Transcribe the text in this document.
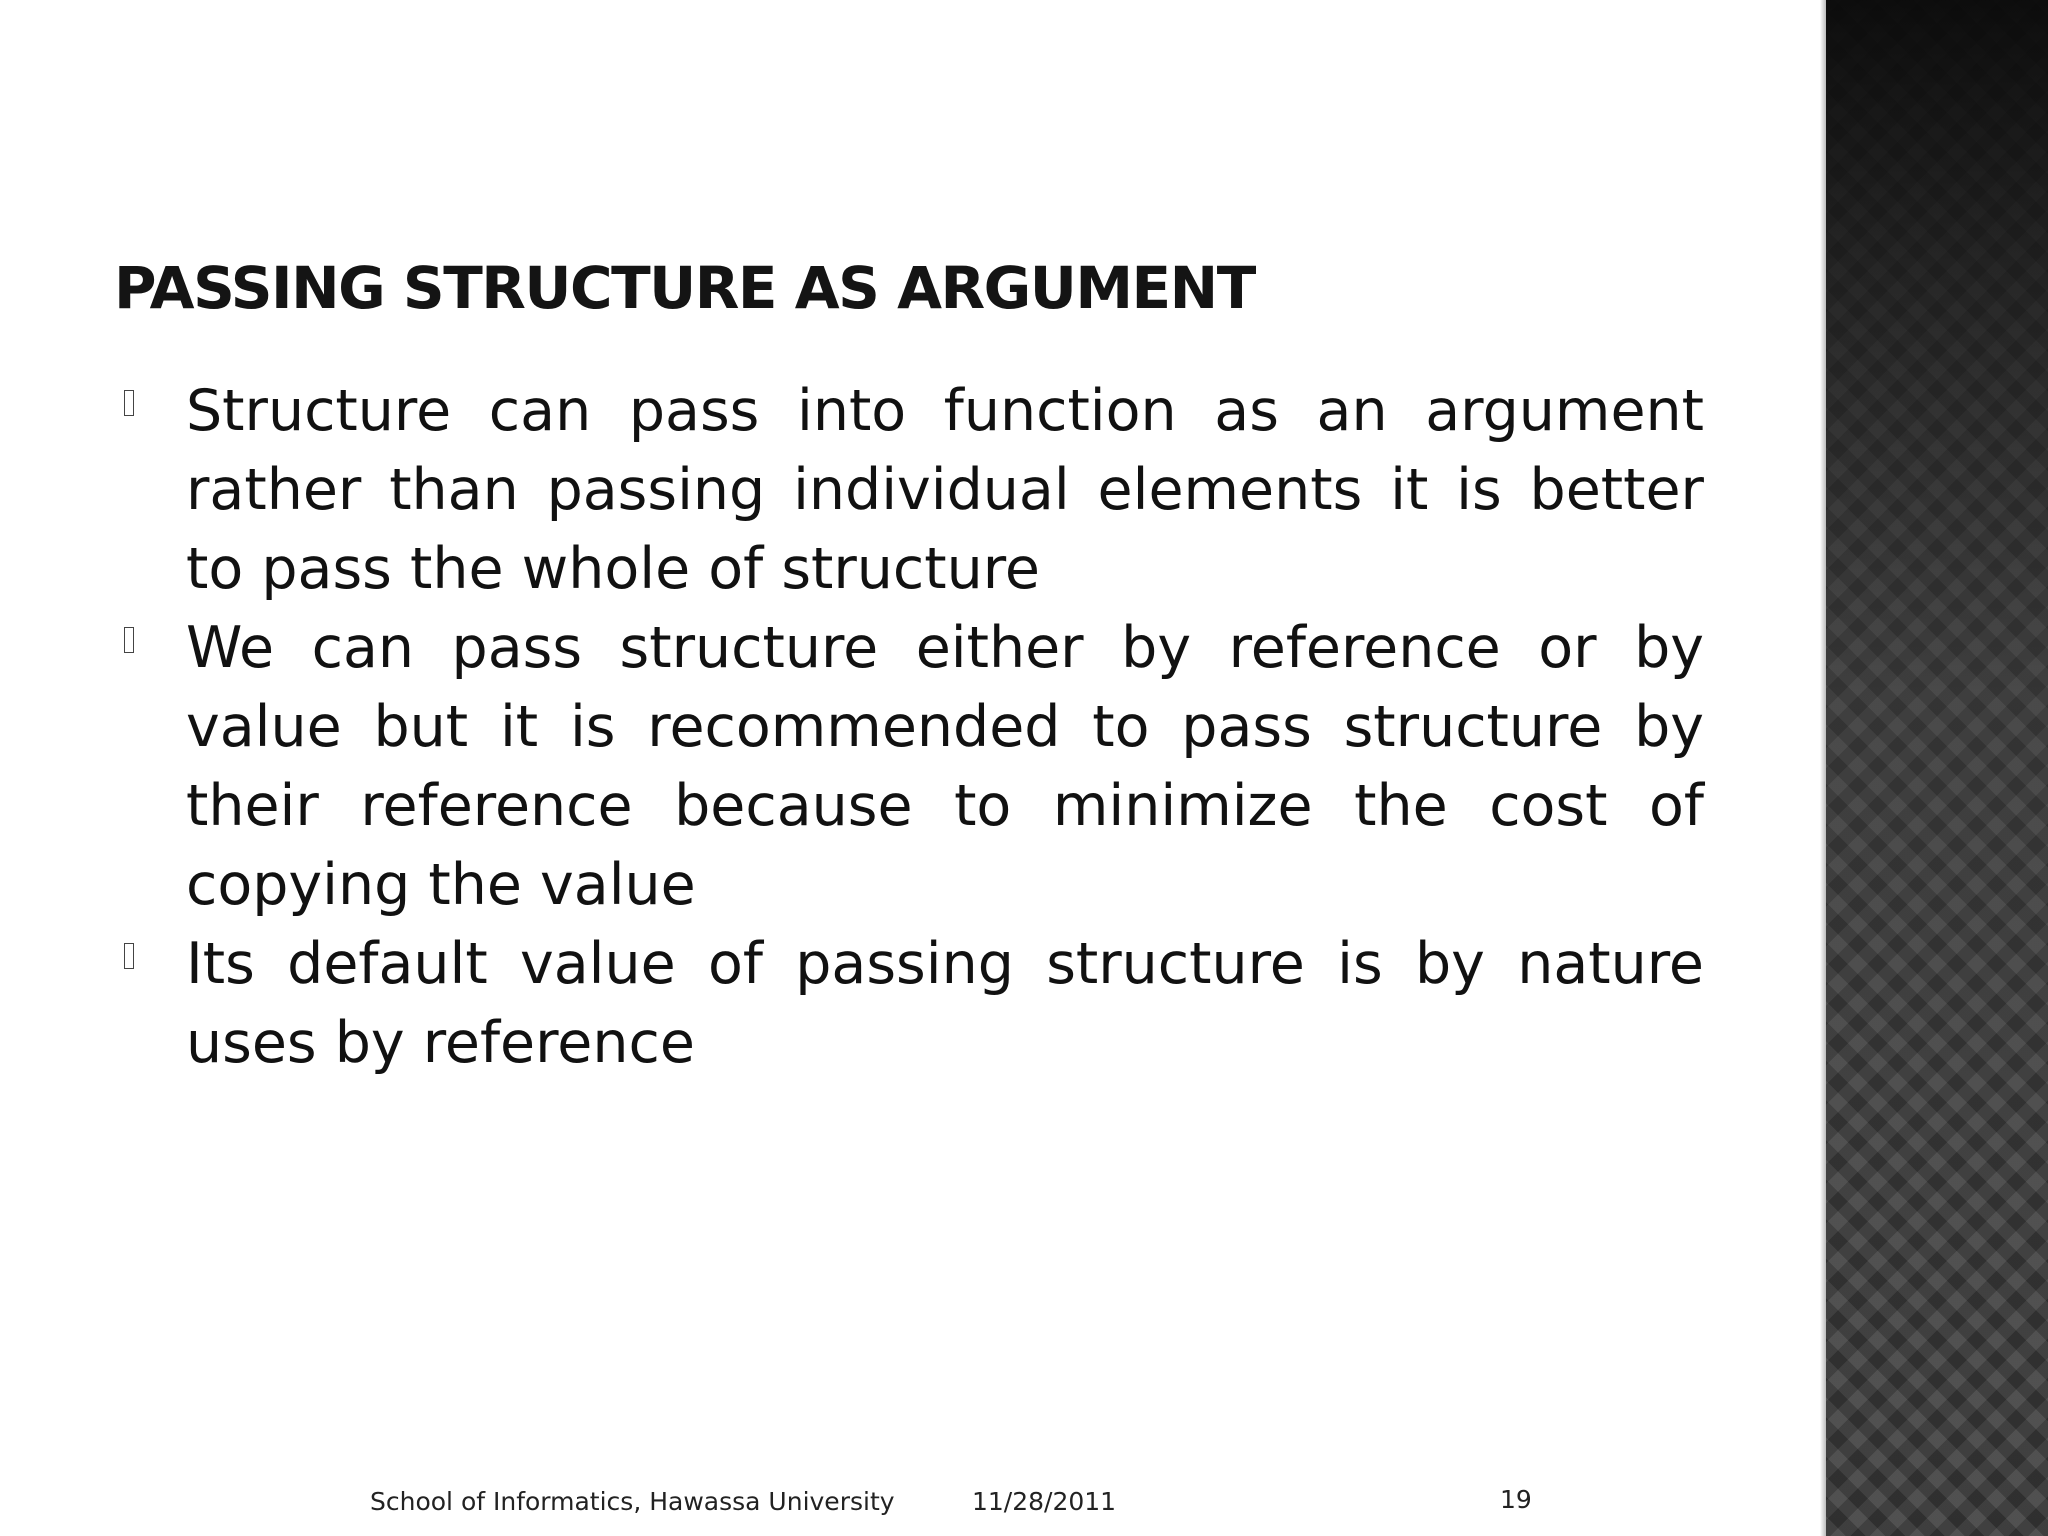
PASSING STRUCTURE AS ARGUMENT
Structure can pass into function as an argument rather than passing individual elements it is better to pass the whole of structure
We can pass structure either by reference or by value but it is recommended to pass structure by their reference because to minimize the cost of copying the value
Its default value of passing structure is by nature uses by reference
School of Informatics, Hawassa University	11/28/2011	19
